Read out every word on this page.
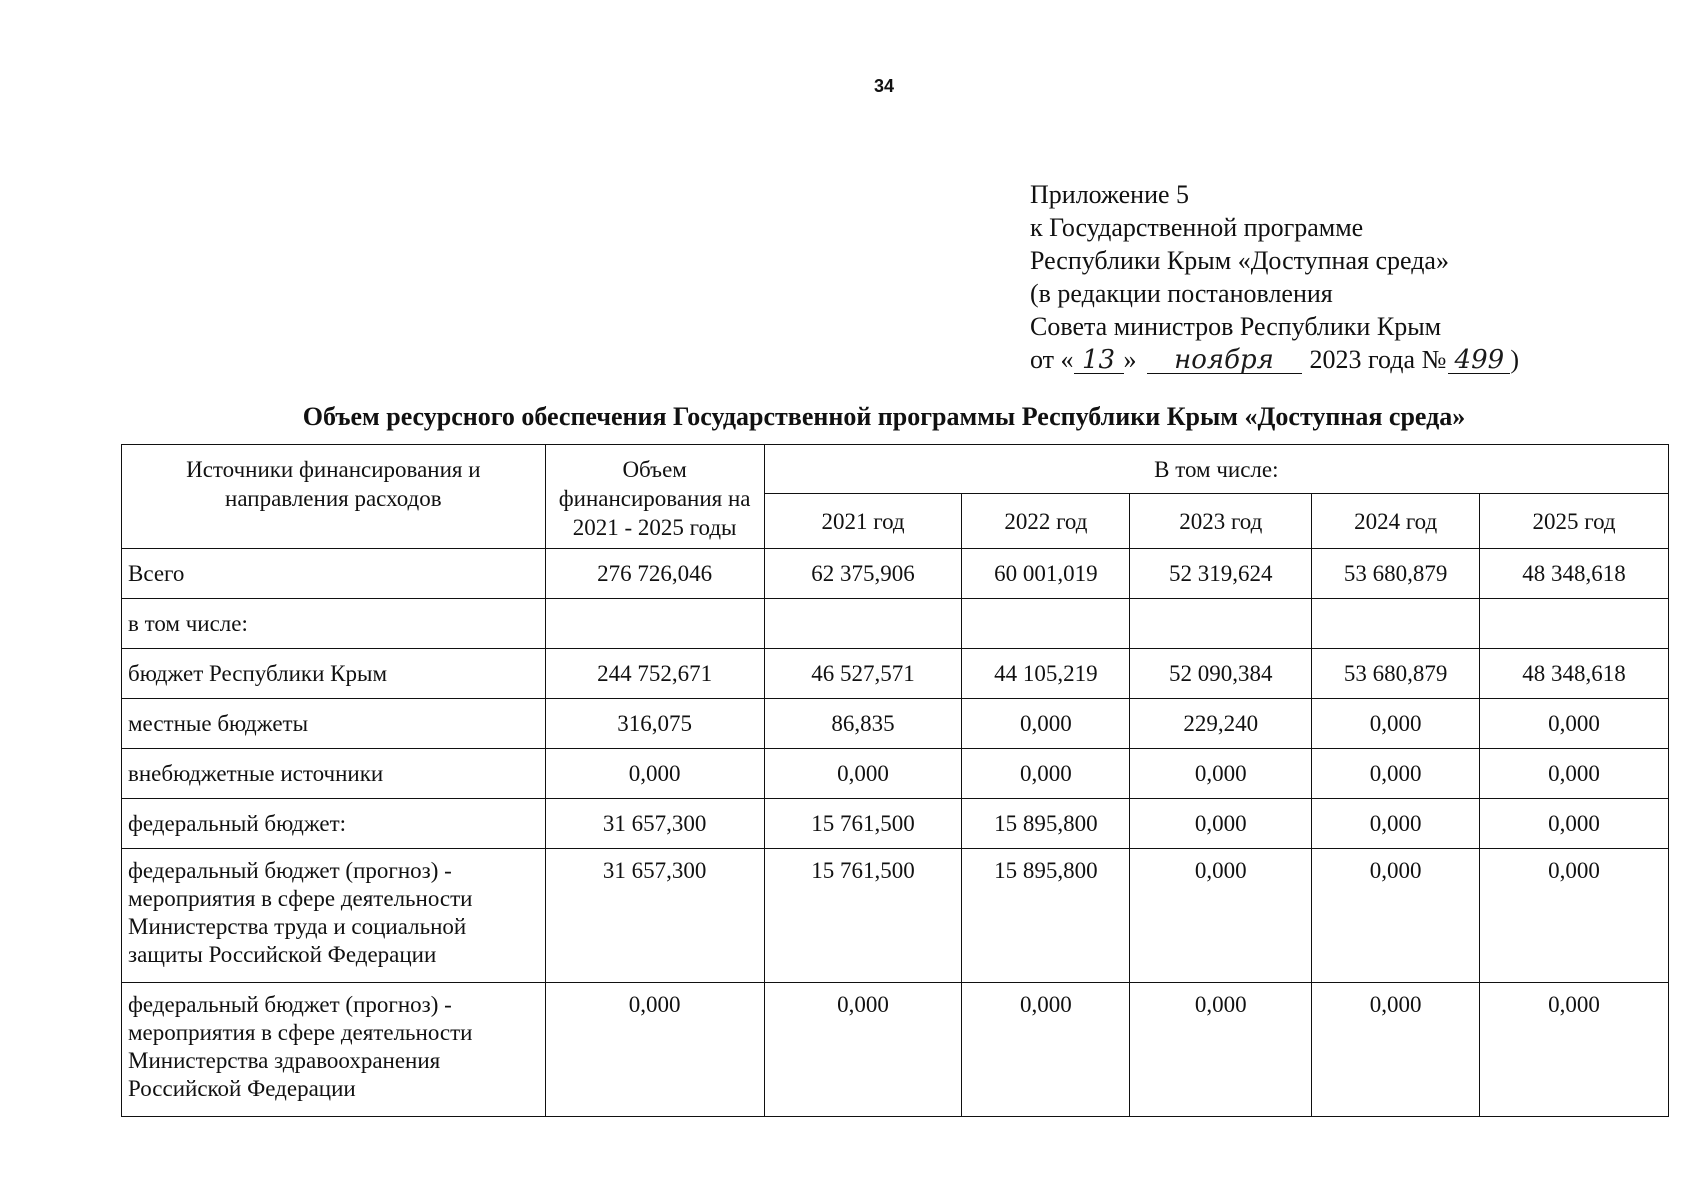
34
Приложение 5
к Государственной программе
Республики Крым «Доступная среда»
(в редакции постановления
Совета министров Республики Крым
от « 13 » ноября 2023 года № 499 )
Объем ресурсного обеспечения Государственной программы Республики Крым «Доступная среда»
Источники финансирования и направления расходов	Объем финансирования на 2021 - 2025 годы	В том числе:				
		2021 год	2022 год	2023 год	2024 год	2025 год
Всего	276 726,046	62 375,906	60 001,019	52 319,624	53 680,879	48 348,618
в том числе:						
бюджет Республики Крым	244 752,671	46 527,571	44 105,219	52 090,384	53 680,879	48 348,618
местные бюджеты	316,075	86,835	0,000	229,240	0,000	0,000
внебюджетные источники	0,000	0,000	0,000	0,000	0,000	0,000
федеральный бюджет:	31 657,300	15 761,500	15 895,800	0,000	0,000	0,000
федеральный бюджет (прогноз) - мероприятия в сфере деятельности Министерства труда и социальной защиты Российской Федерации	31 657,300	15 761,500	15 895,800	0,000	0,000	0,000
федеральный бюджет (прогноз) - мероприятия в сфере деятельности Министерства здравоохранения Российской Федерации	0,000	0,000	0,000	0,000	0,000	0,000
